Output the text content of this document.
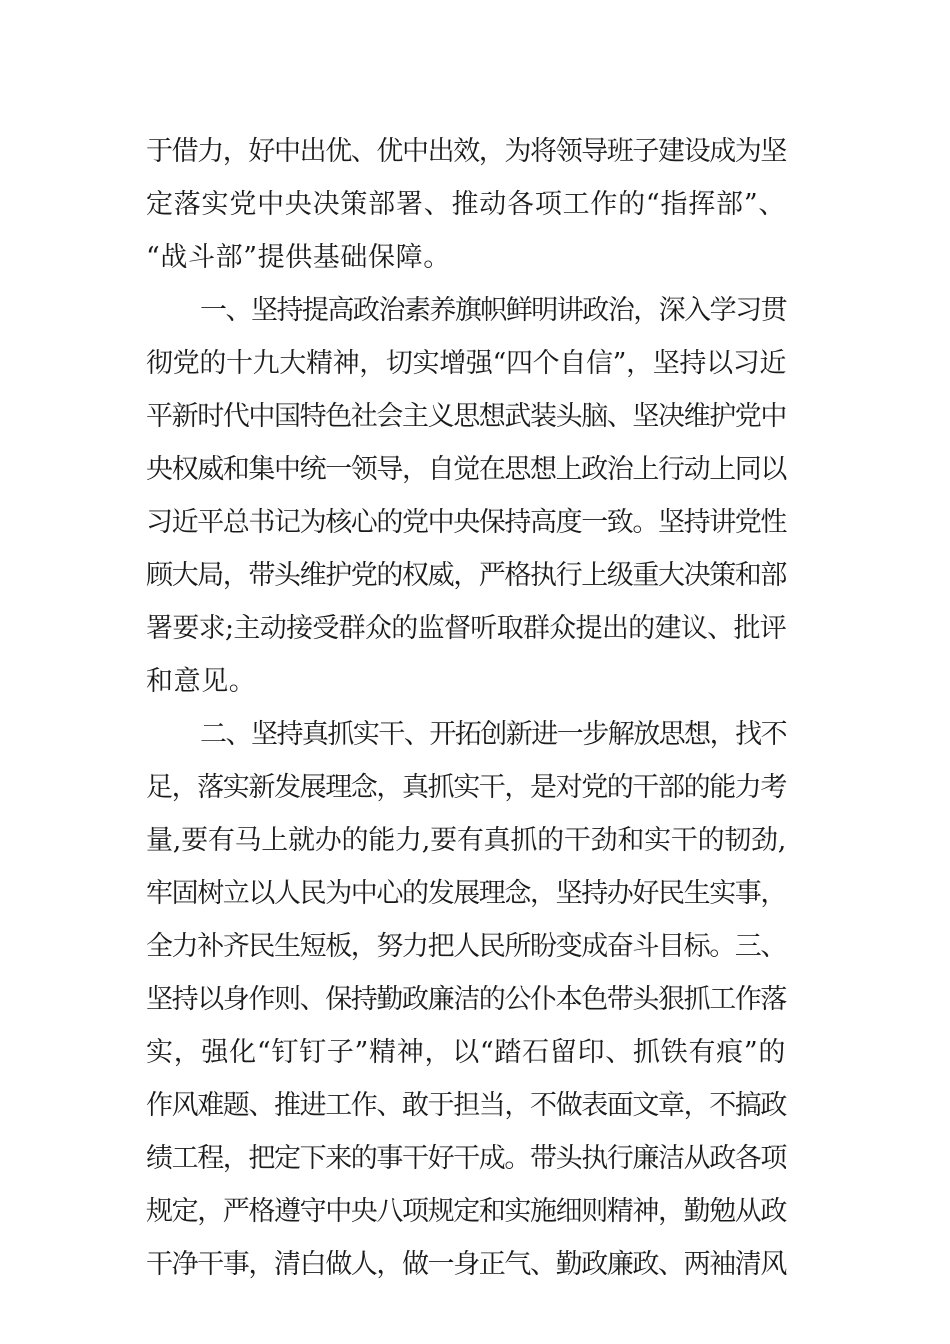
于借力，好中出优、优中出效，为将领导班子建设成为坚
定落实党中央决策部署、推动各项工作的“指挥部”、
“战斗部”提供基础保障。
一、坚持提高政治素养旗帜鲜明讲政治，深入学习贯
彻党的十九大精神，切实增强“四个自信”，坚持以习近
平新时代中国特色社会主义思想武装头脑、坚决维护党中
央权威和集中统一领导，自觉在思想上政治上行动上同以
习近平总书记为核心的党中央保持高度一致。坚持讲党性
顾大局，带头维护党的权威，严格执行上级重大决策和部
署要求;主动接受群众的监督听取群众提出的建议、批评
和意见。
二、坚持真抓实干、开拓创新进一步解放思想，找不
足，落实新发展理念，真抓实干，是对党的干部的能力考
量,要有马上就办的能力,要有真抓的干劲和实干的韧劲,
牢固树立以人民为中心的发展理念，坚持办好民生实事，
全力补齐民生短板，努力把人民所盼变成奋斗目标。三、
坚持以身作则、保持勤政廉洁的公仆本色带头狠抓工作落
实，强化“钉钉子”精神，以“踏石留印、抓铁有痕”的
作风难题、推进工作、敢于担当，不做表面文章，不搞政
绩工程，把定下来的事干好干成。带头执行廉洁从政各项
规定，严格遵守中央八项规定和实施细则精神，勤勉从政
干净干事，清白做人，做一身正气、勤政廉政、两袖清风
